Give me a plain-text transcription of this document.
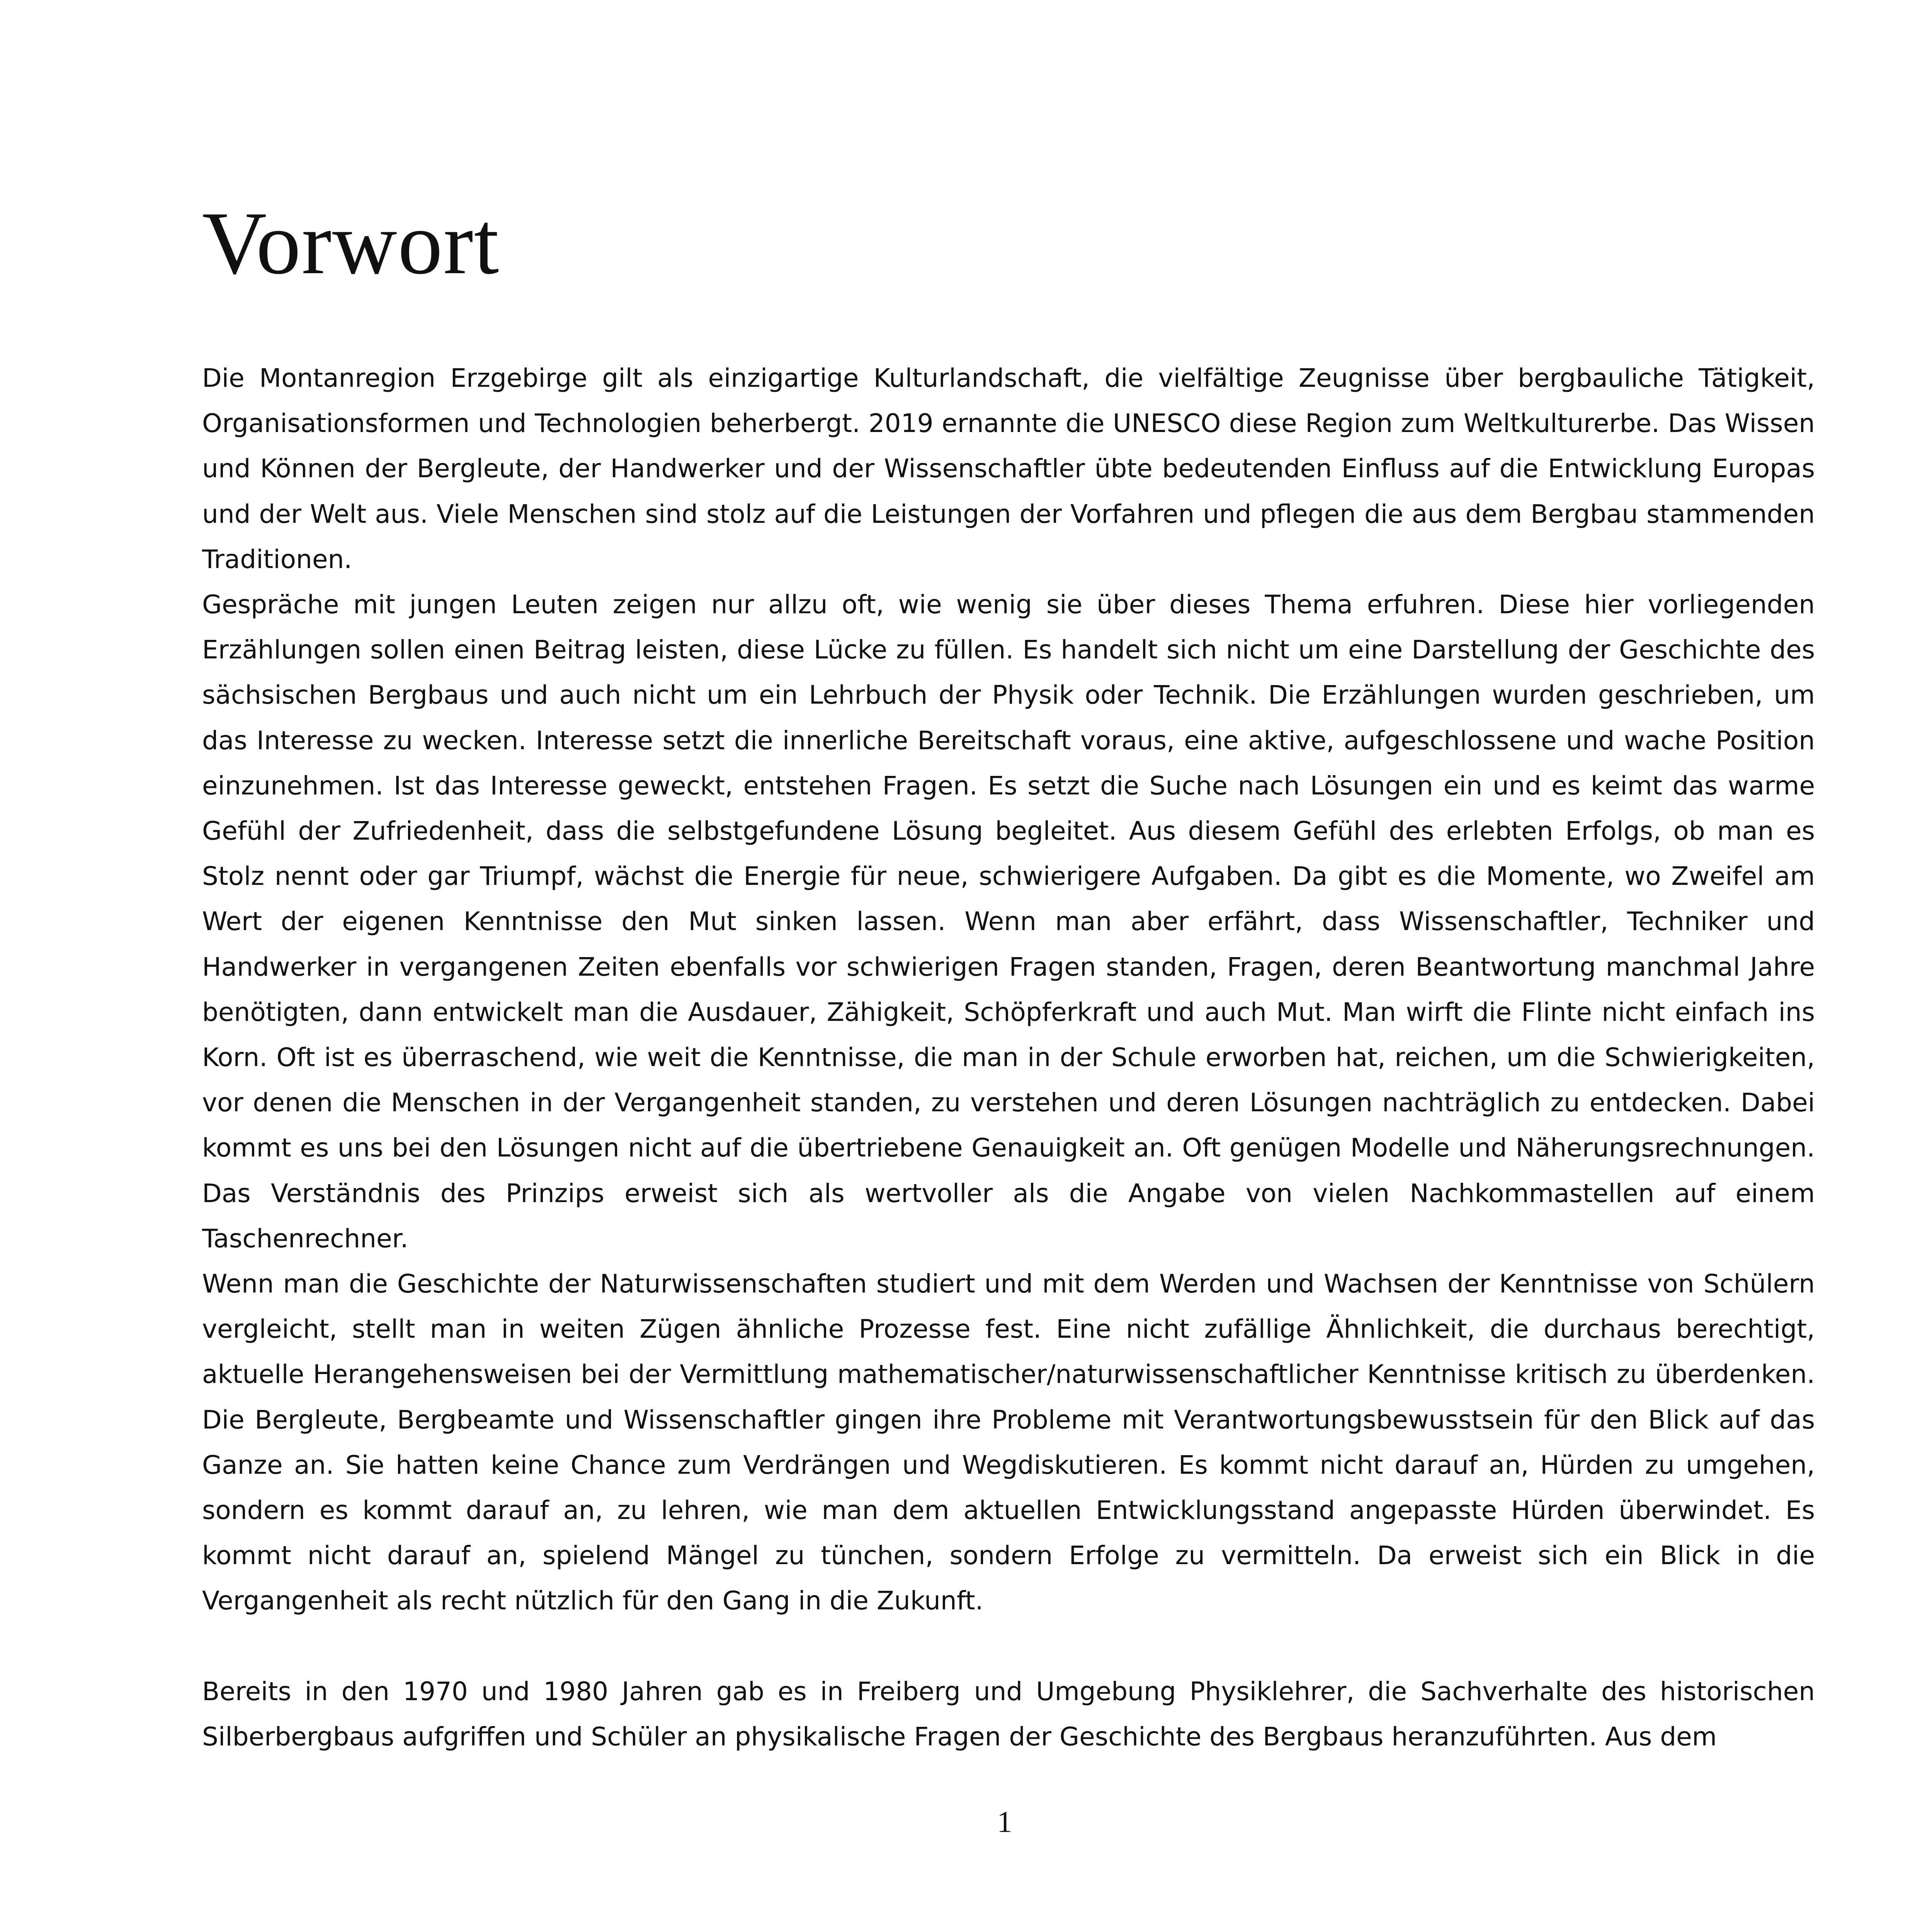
Vorwort

Die Montanregion Erzgebirge gilt als einzigartige Kulturlandschaft, die vielfältige Zeugnisse über bergbauliche Tätigkeit, Organisationsformen und Technologien beherbergt. 2019 ernannte die UNESCO diese Region zum Weltkulturerbe. Das Wissen und Können der Bergleute, der Handwerker und der Wissenschaftler übte bedeutenden Einfluss auf die Entwicklung Europas und der Welt aus. Viele Menschen sind stolz auf die Leistungen der Vorfahren und pflegen die aus dem Bergbau stammenden Traditionen.

Gespräche mit jungen Leuten zeigen nur allzu oft, wie wenig sie über dieses Thema erfuhren. Diese hier vorliegenden Erzählungen sollen einen Beitrag leisten, diese Lücke zu füllen. Es handelt sich nicht um eine Darstellung der Geschichte des sächsischen Bergbaus und auch nicht um ein Lehrbuch der Physik oder Technik. Die Erzählungen wurden geschrieben, um das Interesse zu wecken. Interesse setzt die innerliche Bereitschaft voraus, eine aktive, aufgeschlossene und wache Position einzunehmen. Ist das Interesse geweckt, entstehen Fragen. Es setzt die Suche nach Lösungen ein und es keimt das warme Gefühl der Zufriedenheit, dass die selbstgefundene Lösung begleitet. Aus diesem Gefühl des erlebten Erfolgs, ob man es Stolz nennt oder gar Triumpf, wächst die Energie für neue, schwierigere Aufgaben. Da gibt es die Momente, wo Zweifel am Wert der eigenen Kenntnisse den Mut sinken lassen. Wenn man aber erfährt, dass Wissenschaftler, Techniker und Handwerker in vergangenen Zeiten ebenfalls vor schwierigen Fragen standen, Fragen, deren Beantwortung manchmal Jahre benötigten, dann entwickelt man die Ausdauer, Zähigkeit, Schöpferkraft und auch Mut. Man wirft die Flinte nicht einfach ins Korn. Oft ist es überraschend, wie weit die Kenntnisse, die man in der Schule erworben hat, reichen, um die Schwierigkeiten, vor denen die Menschen in der Vergangenheit standen, zu verstehen und deren Lösungen nachträglich zu entdecken. Dabei kommt es uns bei den Lösungen nicht auf die übertriebene Genauigkeit an. Oft genügen Modelle und Näherungsrechnungen. Das Verständnis des Prinzips erweist sich als wertvoller als die Angabe von vielen Nachkommastellen auf einem Taschenrechner.

Wenn man die Geschichte der Naturwissenschaften studiert und mit dem Werden und Wachsen der Kenntnisse von Schülern vergleicht, stellt man in weiten Zügen ähnliche Prozesse fest. Eine nicht zufällige Ähnlichkeit, die durchaus berechtigt, aktuelle Herangehensweisen bei der Vermittlung mathematischer/naturwissenschaftlicher Kenntnisse kritisch zu überdenken. Die Bergleute, Bergbeamte und Wissenschaftler gingen ihre Probleme mit Verantwortungsbewusstsein für den Blick auf das Ganze an. Sie hatten keine Chance zum Verdrängen und Wegdiskutieren. Es kommt nicht darauf an, Hürden zu umgehen, sondern es kommt darauf an, zu lehren, wie man dem aktuellen Entwicklungsstand angepasste Hürden überwindet. Es kommt nicht darauf an, spielend Mängel zu tünchen, sondern Erfolge zu vermitteln. Da erweist sich ein Blick in die Vergangenheit als recht nützlich für den Gang in die Zukunft.

Bereits in den 1970 und 1980 Jahren gab es in Freiberg und Umgebung Physiklehrer, die Sachverhalte des historischen Silberbergbaus aufgriffen und Schüler an physikalische Fragen der Geschichte des Bergbaus heranzuführten. Aus dem

1
